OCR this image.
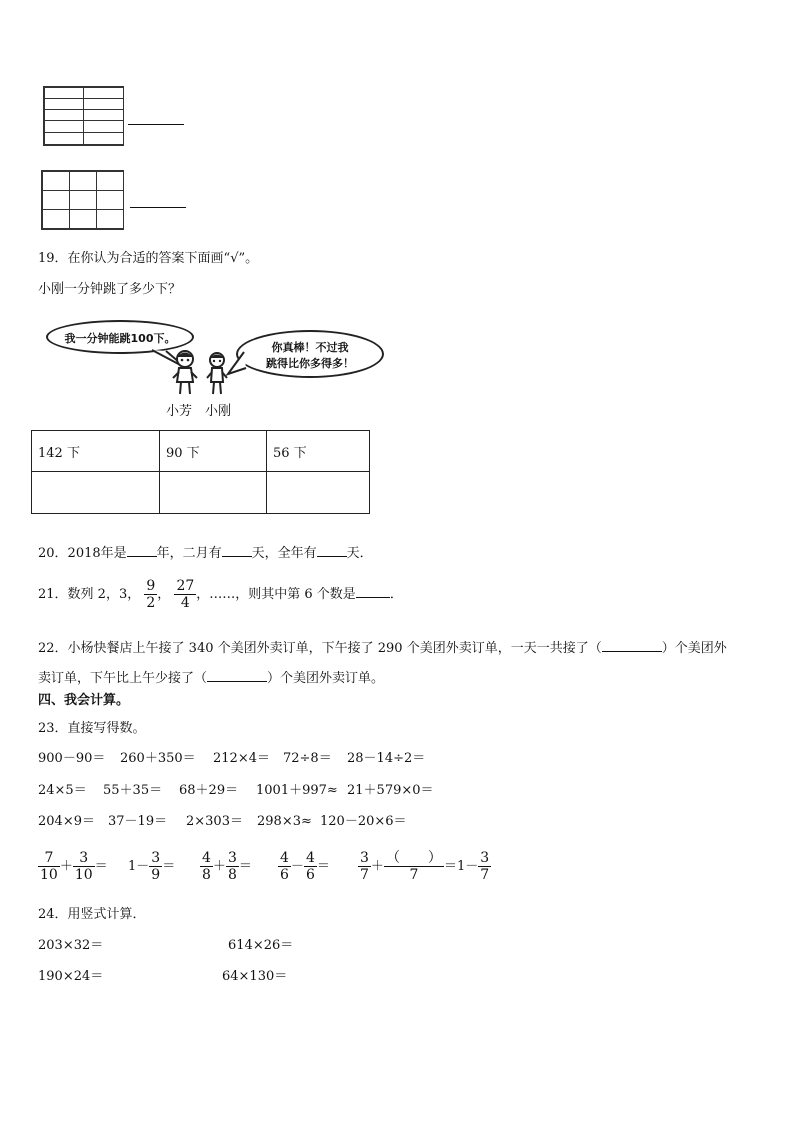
19．在你认为合适的答案下面画“√”。
小刚一分钟跳了多少下？
我一分钟能跳100下。
你真棒！不过我
跳得比你多得多！
小芳 小刚
142 下	90 下	56 下

20．2018年是 年，二月有 天，全年有 天．
21．数列 2，3， $\frac{9}{2}$ ， $\frac{27}{4}$ ，……，则其中第 6 个数是	．
22．小杨快餐店上午接了 340 个美团外卖订单，下午接了 290 个美团外卖订单，一天一共接了（	）个美团外
卖订单，下午比上午少接了（	）个美团外卖订单。
四、我会计算。
23．直接写得数。
900－90＝ 260＋350＝ 212×4＝ 72÷8＝ 28－14÷2＝
24×5＝ 55＋35＝ 68＋29＝ 1001＋997≈ 21＋579×0＝
204×9＝ 37－19＝ 2×303＝ 298×3≈ 120－20×6＝
$\frac{7}{10} + \frac{3}{10} = 1- \frac{3}{9} = \frac{4}{8} + \frac{3}{8} = \frac{4}{6} - \frac{4}{6} = \frac{3}{7} + \frac{( )}{7} =1- \frac{3}{7}$
24．用竖式计算．
203×32＝	614×26＝
190×24＝	64×130＝
